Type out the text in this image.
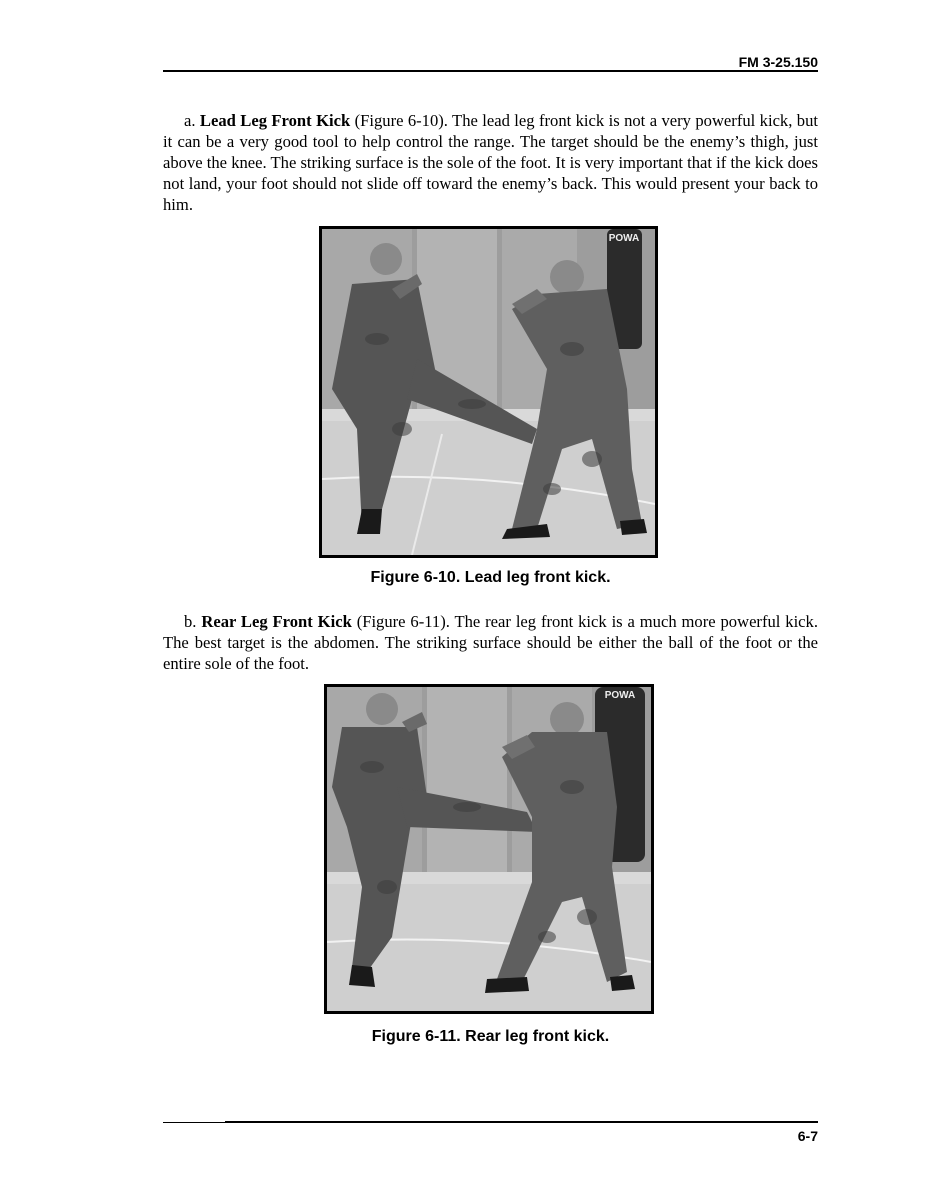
FM 3-25.150

a. Lead Leg Front Kick (Figure 6-10). The lead leg front kick is not a very powerful kick, but it can be a very good tool to help control the range. The target should be the enemy’s thigh, just above the knee. The striking surface is the sole of the foot. It is very important that if the kick does not land, your foot should not slide off toward the enemy’s back. This would present your back to him.

POWA
Figure 6-10. Lead leg front kick.

b. Rear Leg Front Kick (Figure 6-11). The rear leg front kick is a much more powerful kick. The best target is the abdomen. The striking surface should be either the ball of the foot or the entire sole of the foot.

POWA
Figure 6-11. Rear leg front kick.
6-7
